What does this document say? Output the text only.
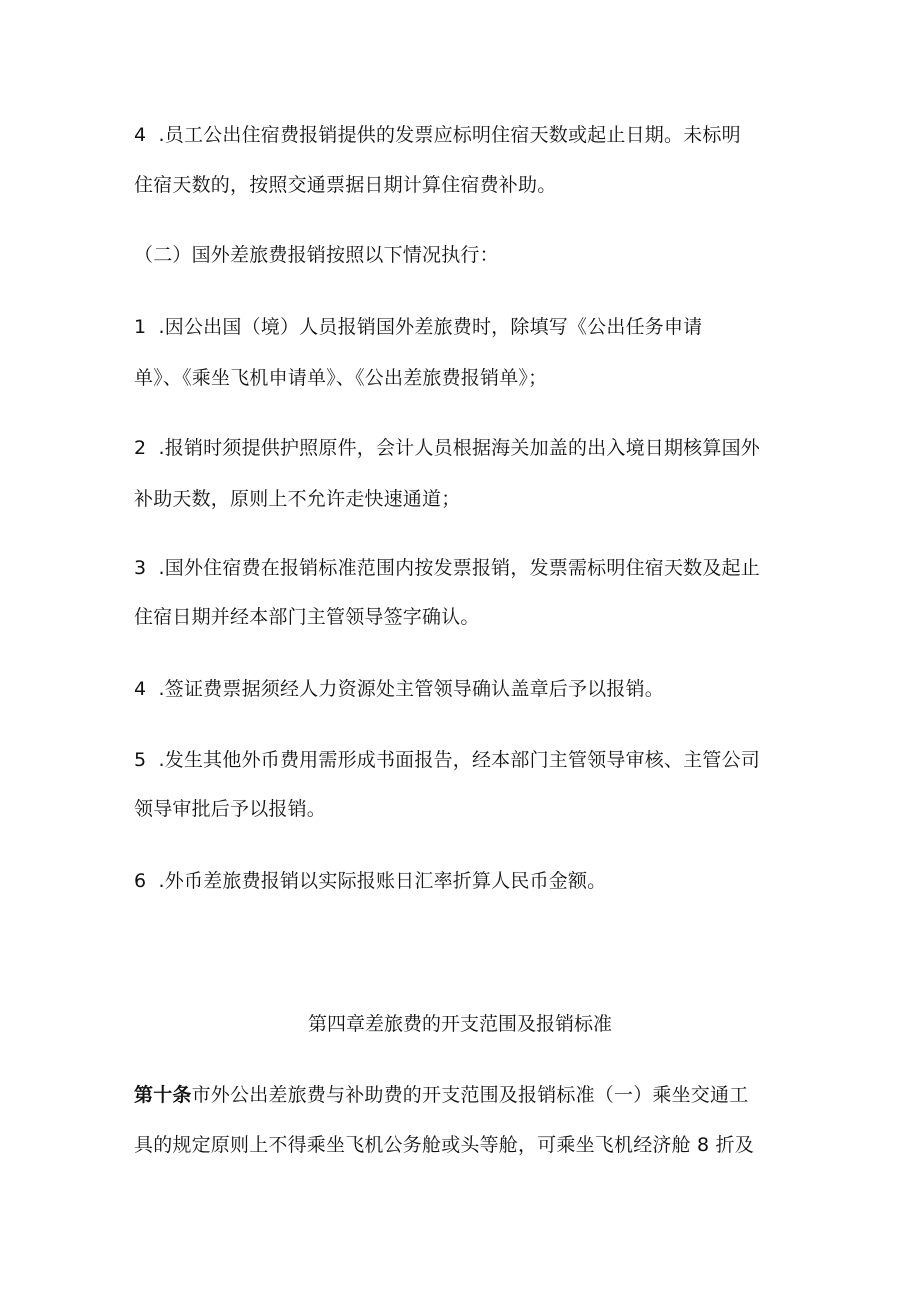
4 .员工公出住宿费报销提供的发票应标明住宿天数或起止日期。未标明
住宿天数的，按照交通票据日期计算住宿费补助。
（二）国外差旅费报销按照以下情况执行：
1 .因公出国（境）人员报销国外差旅费时，除填写《公出任务申请
单》、《乘坐飞机申请单》、《公出差旅费报销单》；
2 .报销时须提供护照原件，会计人员根据海关加盖的出入境日期核算国外
补助天数，原则上不允许走快速通道；
3 .国外住宿费在报销标准范围内按发票报销，发票需标明住宿天数及起止
住宿日期并经本部门主管领导签字确认。
4 .签证费票据须经人力资源处主管领导确认盖章后予以报销。
5 .发生其他外币费用需形成书面报告，经本部门主管领导审核、主管公司
领导审批后予以报销。
6 .外币差旅费报销以实际报账日汇率折算人民币金额。
第四章差旅费的开支范围及报销标准
第十条市外公出差旅费与补助费的开支范围及报销标准（一）乘坐交通工
具的规定原则上不得乘坐飞机公务舱或头等舱，可乘坐飞机经济舱 8 折及
